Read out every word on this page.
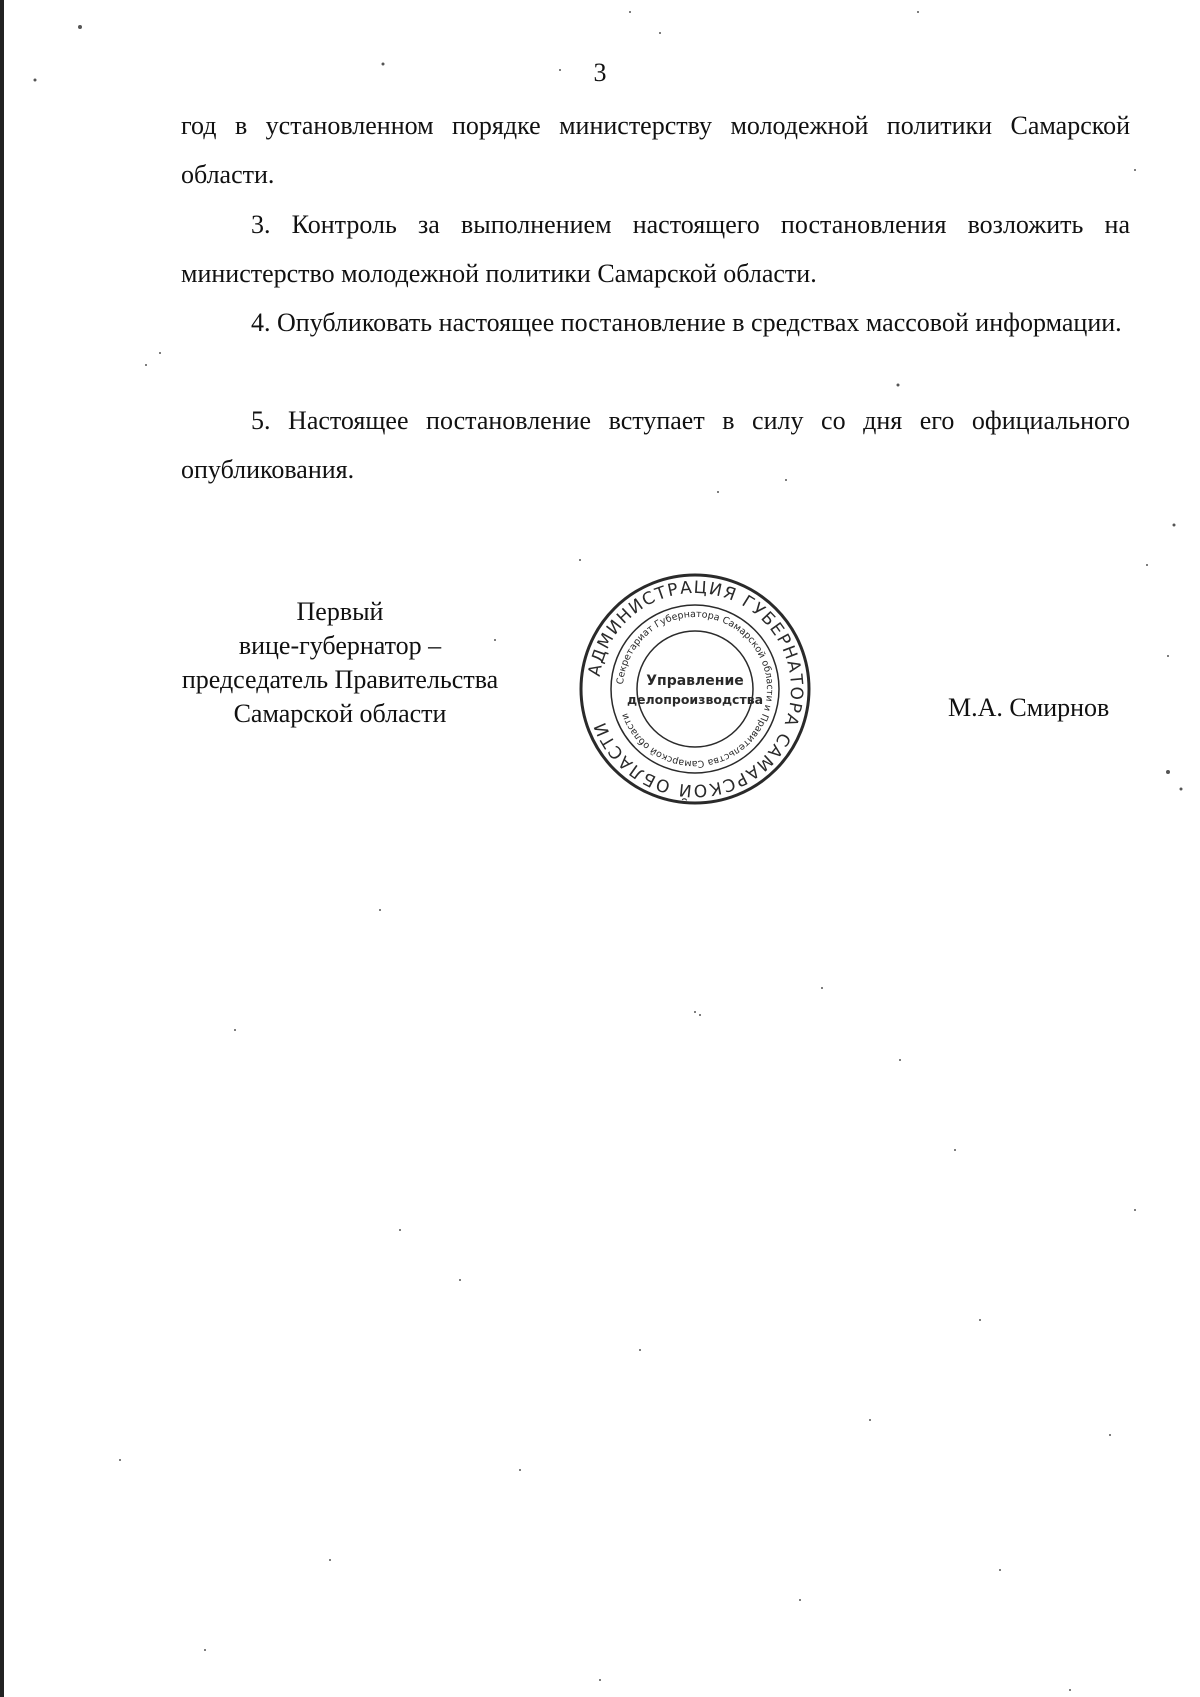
3

год в установленном порядке министерству молодежной политики Самарской области.

3. Контроль за выполнением настоящего постановления возложить на министерство молодежной политики Самарской области.

4. Опубликовать настоящее постановление в средствах массовой информации.

5. Настоящее постановление вступает в силу со дня его официального опубликования.

Первый
вице-губернатор –
председатель Правительства
Самарской области
АДМИНИСТРАЦИЯ ГУБЕРНАТОРА САМАРСКОЙ ОБЛАСТИ
Секретариат Губернатора Самарской области и Правительства Самарской области
Управление
делопроизводства	М.А. Смирнов
